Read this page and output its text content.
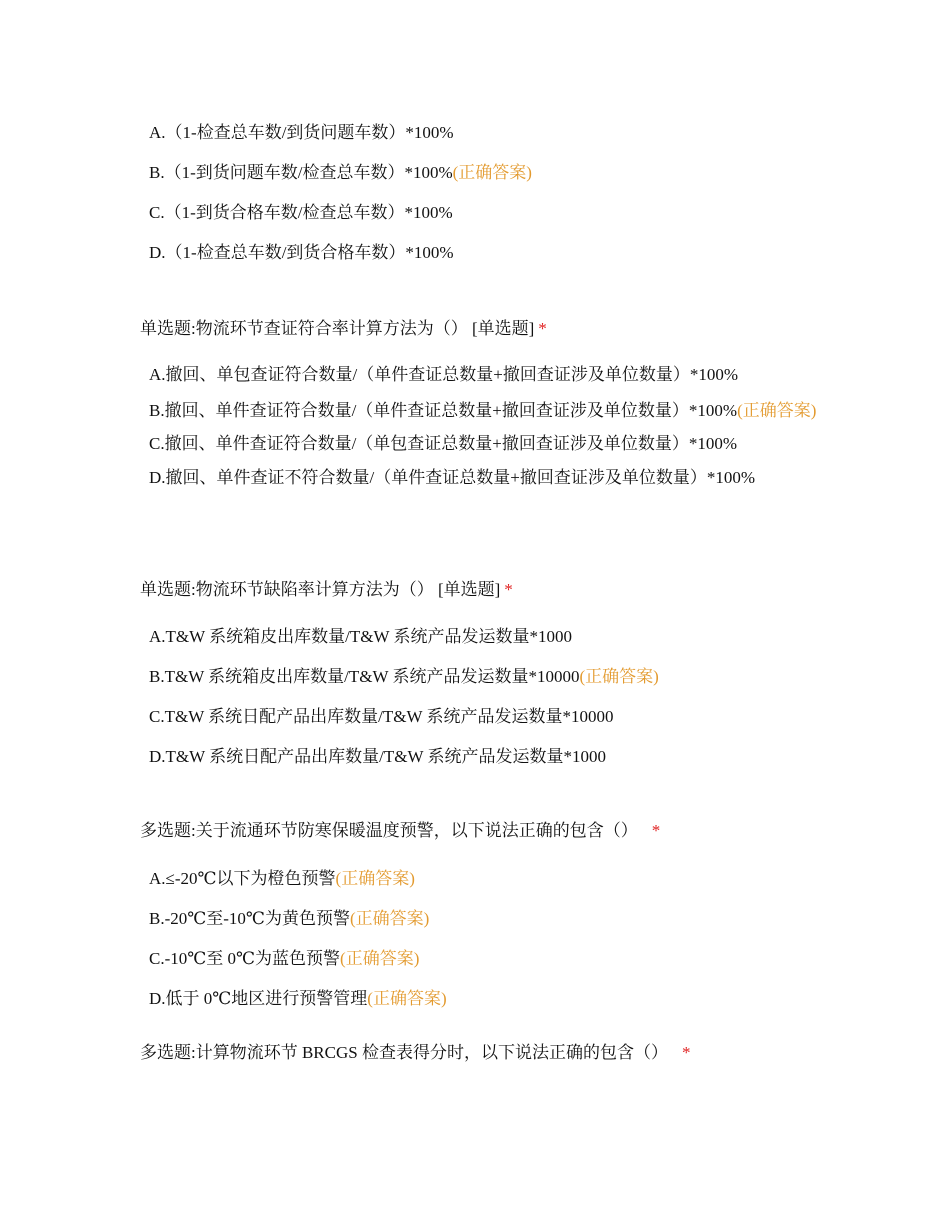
A.（1-检查总车数/到货问题车数）*100%
B.（1-到货问题车数/检查总车数）*100%(正确答案)
C.（1-到货合格车数/检查总车数）*100%
D.（1-检查总车数/到货合格车数）*100%
单选题:物流环节查证符合率计算方法为（） [单选题] *
A.撤回、单包查证符合数量/（单件查证总数量+撤回查证涉及单位数量）*100%
B.撤回、单件查证符合数量/（单件查证总数量+撤回查证涉及单位数量）*100%(正确答案)
C.撤回、单件查证符合数量/（单包查证总数量+撤回查证涉及单位数量）*100%
D.撤回、单件查证不符合数量/（单件查证总数量+撤回查证涉及单位数量）*100%
单选题:物流环节缺陷率计算方法为（） [单选题] *
A.T&W 系统箱皮出库数量/T&W 系统产品发运数量*1000
B.T&W 系统箱皮出库数量/T&W 系统产品发运数量*10000(正确答案)
C.T&W 系统日配产品出库数量/T&W 系统产品发运数量*10000
D.T&W 系统日配产品出库数量/T&W 系统产品发运数量*1000
多选题:关于流通环节防寒保暖温度预警，以下说法正确的包含（） *
A.≤-20℃以下为橙色预警(正确答案)
B.-20℃至-10℃为黄色预警(正确答案)
C.-10℃至 0℃为蓝色预警(正确答案)
D.低于 0℃地区进行预警管理(正确答案)
多选题:计算物流环节 BRCGS 检查表得分时，以下说法正确的包含（） *
